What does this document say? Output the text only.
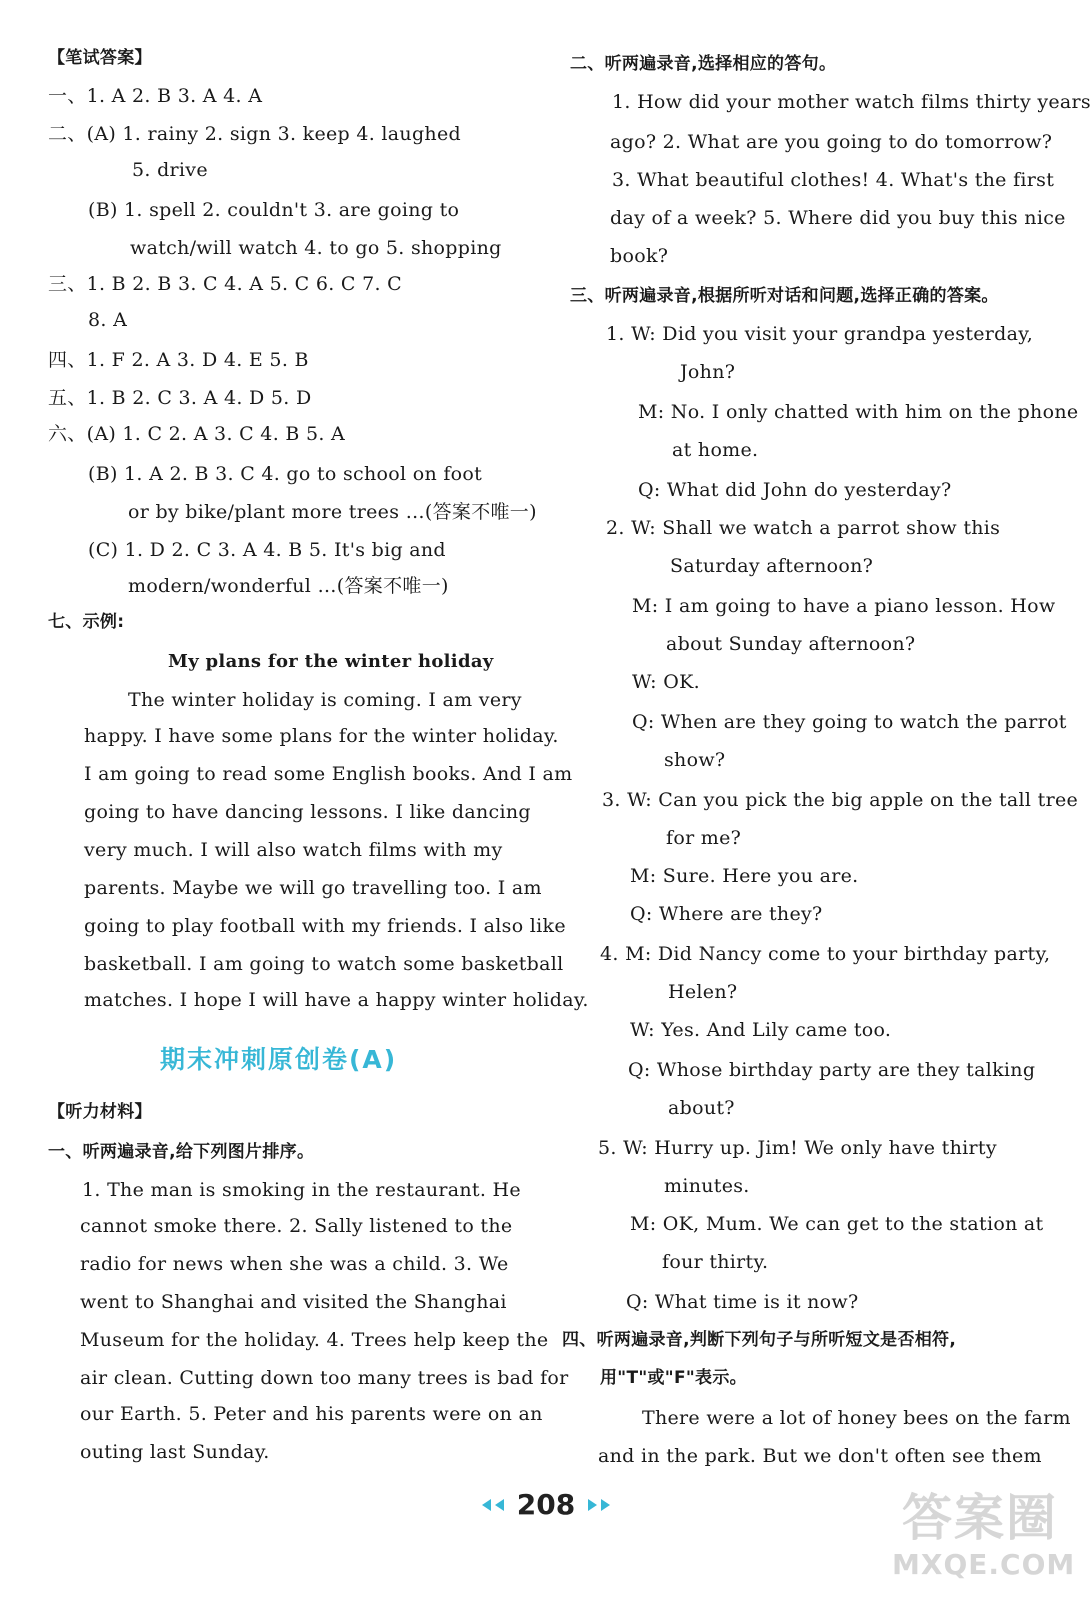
【笔试答案】
一、1. A 2. B 3. A 4. A
二、(A) 1. rainy 2. sign 3. keep 4. laughed
5. drive
(B) 1. spell 2. couldn't 3. are going to
watch/will watch 4. to go 5. shopping
三、1. B 2. B 3. C 4. A 5. C 6. C 7. C
8. A
四、1. F 2. A 3. D 4. E 5. B
五、1. B 2. C 3. A 4. D 5. D
六、(A) 1. C 2. A 3. C 4. B 5. A
(B) 1. A 2. B 3. C 4. go to school on foot
or by bike/plant more trees …(答案不唯一)
(C) 1. D 2. C 3. A 4. B 5. It's big and
modern/wonderful …(答案不唯一)
七、示例:
My plans for the winter holiday
The winter holiday is coming. I am very
happy. I have some plans for the winter holiday.
I am going to read some English books. And I am
going to have dancing lessons. I like dancing
very much. I will also watch films with my
parents. Maybe we will go travelling too. I am
going to play football with my friends. I also like
basketball. I am going to watch some basketball
matches. I hope I will have a happy winter holiday.
【听力材料】
一、听两遍录音,给下列图片排序。
1. The man is smoking in the restaurant. He
cannot smoke there. 2. Sally listened to the
radio for news when she was a child. 3. We
went to Shanghai and visited the Shanghai
Museum for the holiday. 4. Trees help keep the
air clean. Cutting down too many trees is bad for
our Earth. 5. Peter and his parents were on an
outing last Sunday.
期末冲刺原创卷(A)
二、听两遍录音,选择相应的答句。
1. How did your mother watch films thirty years
ago? 2. What are you going to do tomorrow?
3. What beautiful clothes! 4. What's the first
day of a week? 5. Where did you buy this nice
book?
三、听两遍录音,根据所听对话和问题,选择正确的答案。
1. W: Did you visit your grandpa yesterday,
John?
M: No. I only chatted with him on the phone
at home.
Q: What did John do yesterday?
2. W: Shall we watch a parrot show this
Saturday afternoon?
M: I am going to have a piano lesson. How
about Sunday afternoon?
W: OK.
Q: When are they going to watch the parrot
show?
3. W: Can you pick the big apple on the tall tree
for me?
M: Sure. Here you are.
Q: Where are they?
4. M: Did Nancy come to your birthday party,
Helen?
W: Yes. And Lily came too.
Q: Whose birthday party are they talking
about?
5. W: Hurry up. Jim! We only have thirty
minutes.
M: OK, Mum. We can get to the station at
four thirty.
Q: What time is it now?
四、听两遍录音,判断下列句子与所听短文是否相符,
用"T"或"F"表示。
There were a lot of honey bees on the farm
and in the park. But we don't often see them
208	答案圈
MXQE.COM
